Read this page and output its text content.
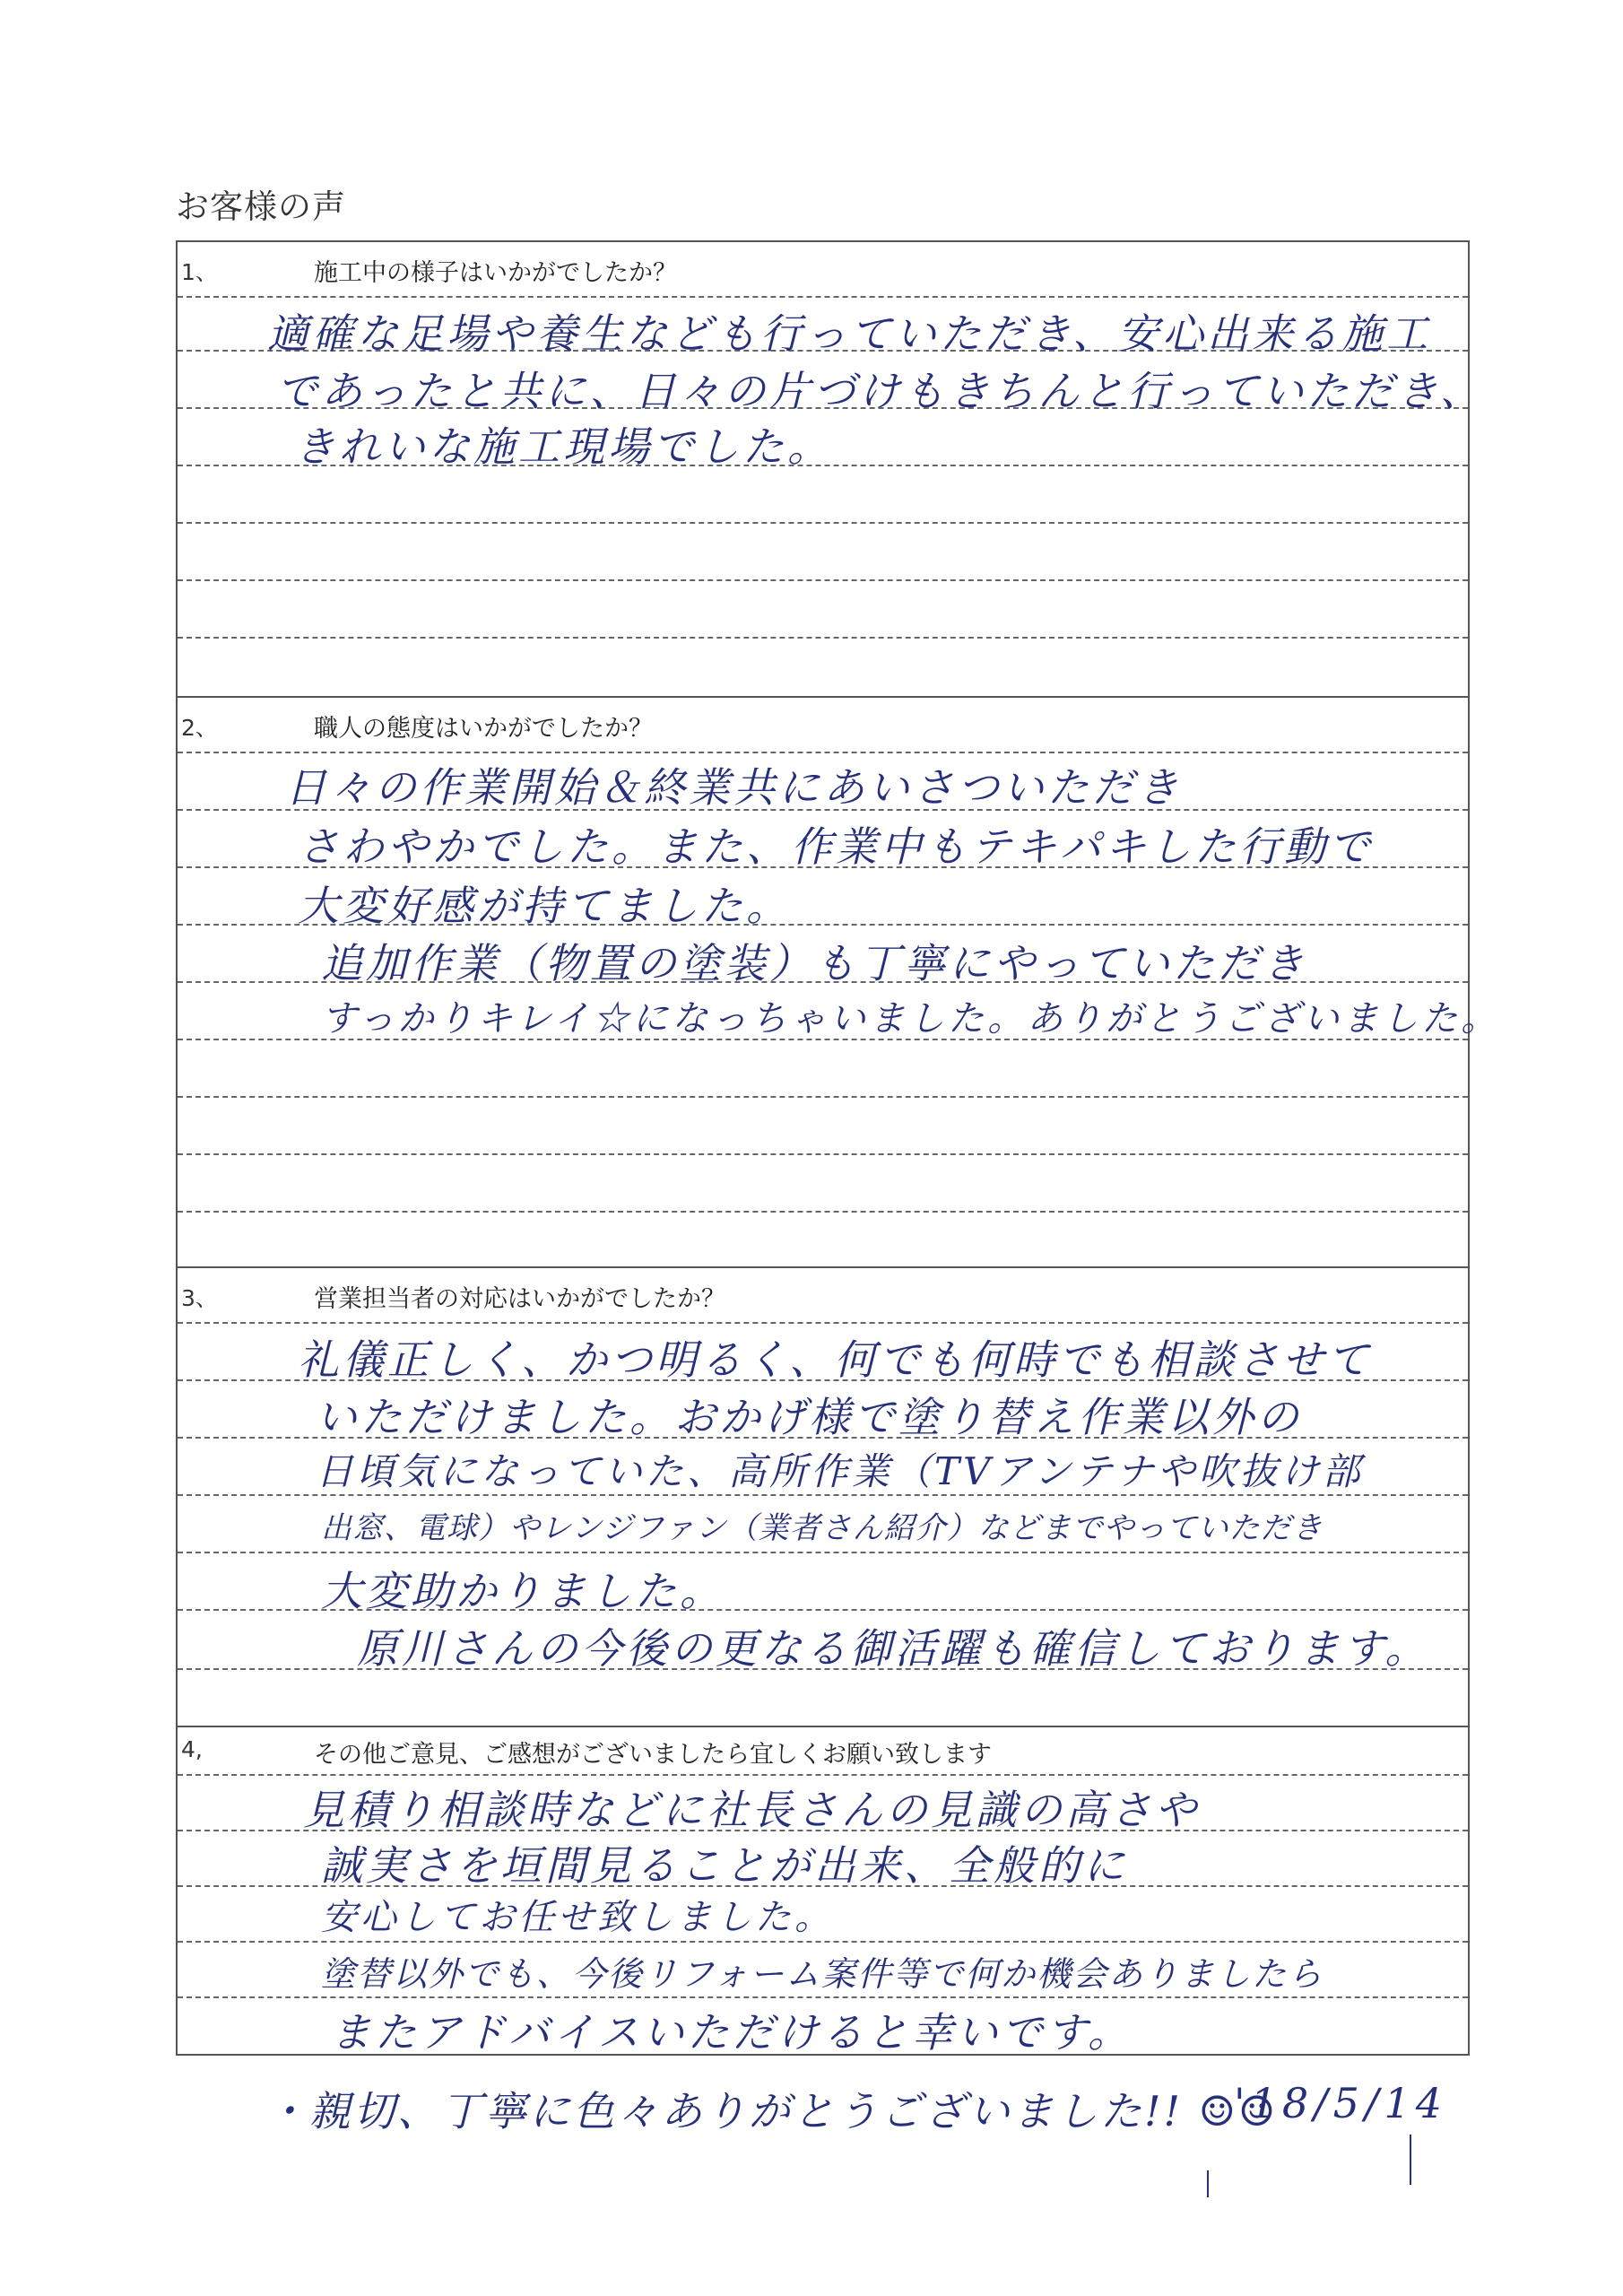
お客様の声
1、	施工中の様子はいかがでしたか？
適確な足場や養生なども行っていただき、安心出来る施工
であったと共に、日々の片づけもきちんと行っていただき、
きれいな施工現場でした。
2、	職人の態度はいかがでしたか？
日々の作業開始＆終業共にあいさついただき
さわやかでした。また、作業中もテキパキした行動で
大変好感が持てました。
追加作業（物置の塗装）も丁寧にやっていただき
すっかりキレイ☆になっちゃいました。ありがとうございました。
3、	営業担当者の対応はいかがでしたか？
礼儀正しく、かつ明るく、何でも何時でも相談させて
いただけました。おかげ様で塗り替え作業以外の
日頃気になっていた、高所作業（TVアンテナや吹抜け部
出窓、電球）やレンジファン（業者さん紹介）などまでやっていただき
大変助かりました。
原川さんの今後の更なる御活躍も確信しております。
4,	その他ご意見、ご感想がございましたら宜しくお願い致します
見積り相談時などに社長さんの見識の高さや
誠実さを垣間見ることが出来、全般的に
安心してお任せ致しました。
塗替以外でも、今後リフォーム案件等で何か機会ありましたら
またアドバイスいただけると幸いです。
・親切、丁寧に色々ありがとうございました!! ☺☺
'18/5/14
